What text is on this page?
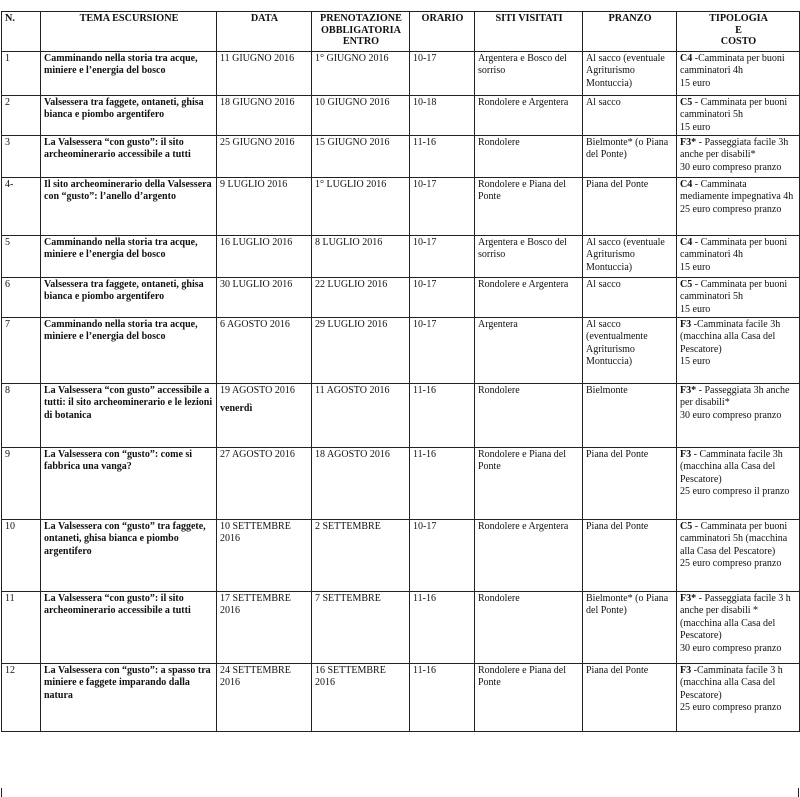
N.	TEMA ESCURSIONE	DATA	PRENOTAZIONE
OBBLIGATORIA
ENTRO	ORARIO	SITI VISITATI	PRANZO	TIPOLOGIA
E
COSTO

1	Camminando nella storia tra acque, miniere e l’energia del bosco	11 GIUGNO 2016	1° GIUGNO 2016	10-17	Argentera e Bosco del sorriso	Al sacco (eventuale Agriturismo Montuccia)	C4 -Camminata per buoni camminatori 4h
15 euro

2	Valsessera tra faggete, ontaneti, ghisa bianca e piombo argentifero	18 GIUGNO 2016	10 GIUGNO 2016	10-18	Rondolere e Argentera	Al sacco	C5 - Camminata per buoni camminatori 5h
15 euro

3	La Valsessera “con gusto”: il sito archeominerario accessibile a tutti	25 GIUGNO 2016	15 GIUGNO 2016	11-16	Rondolere	Bielmonte* (o Piana del Ponte)	F3* - Passeggiata facile 3h anche per disabili*
30 euro compreso pranzo

4-	Il sito archeominerario della Valsessera con “gusto”: l’anello d’argento	9 LUGLIO 2016	1° LUGLIO 2016	10-17	Rondolere e Piana del Ponte	Piana del Ponte	C4 - Camminata mediamente impegnativa 4h
25 euro compreso pranzo

5	Camminando nella storia tra acque, miniere e l’energia del bosco	16 LUGLIO 2016	8 LUGLIO 2016	10-17	Argentera e Bosco del sorriso	Al sacco (eventuale Agriturismo Montuccia)	C4 - Camminata per buoni camminatori 4h
15 euro

6	Valsessera tra faggete, ontaneti, ghisa bianca e piombo argentifero	30 LUGLIO 2016	22 LUGLIO 2016	10-17	Rondolere e Argentera	Al sacco	C5 - Camminata per buoni camminatori 5h
15 euro

7	Camminando nella storia tra acque, miniere e l’energia del bosco	6 AGOSTO 2016	29 LUGLIO 2016	10-17	Argentera	Al sacco (eventualmente Agriturismo Montuccia)	F3 -Camminata facile 3h (macchina alla Casa del Pescatore)
15 euro

8	La Valsessera “con gusto” accessibile a tutti: il sito archeominerario e le lezioni di botanica	19 AGOSTO 2016
venerdì	11 AGOSTO 2016	11-16	Rondolere	Bielmonte	F3* - Passeggiata 3h anche per disabili*
30 euro compreso pranzo

9	La Valsessera con “gusto”: come si fabbrica una vanga?	27 AGOSTO 2016	18 AGOSTO 2016	11-16	Rondolere e Piana del Ponte	Piana del Ponte	F3 - Camminata facile 3h (macchina alla Casa del Pescatore)
25 euro compreso il pranzo

10	La Valsessera con “gusto” tra faggete, ontaneti, ghisa bianca e piombo argentifero	10 SETTEMBRE 2016	2 SETTEMBRE	10-17	Rondolere e Argentera	Piana del Ponte	C5 - Camminata per buoni camminatori 5h (macchina alla Casa del Pescatore)
25 euro compreso pranzo

11	La Valsessera “con gusto”: il sito archeominerario accessibile a tutti	17 SETTEMBRE 2016	7 SETTEMBRE	11-16	Rondolere	Bielmonte* (o Piana del Ponte)	F3* - Passeggiata facile 3 h anche per disabili * (macchina alla Casa del Pescatore)
30 euro compreso pranzo

12	La Valsessera con “gusto”: a spasso tra miniere e faggete imparando dalla natura	24 SETTEMBRE 2016	16 SETTEMBRE 2016	11-16	Rondolere e Piana del Ponte	Piana del Ponte	F3 -Camminata facile 3 h (macchina alla Casa del Pescatore)
25 euro compreso pranzo
